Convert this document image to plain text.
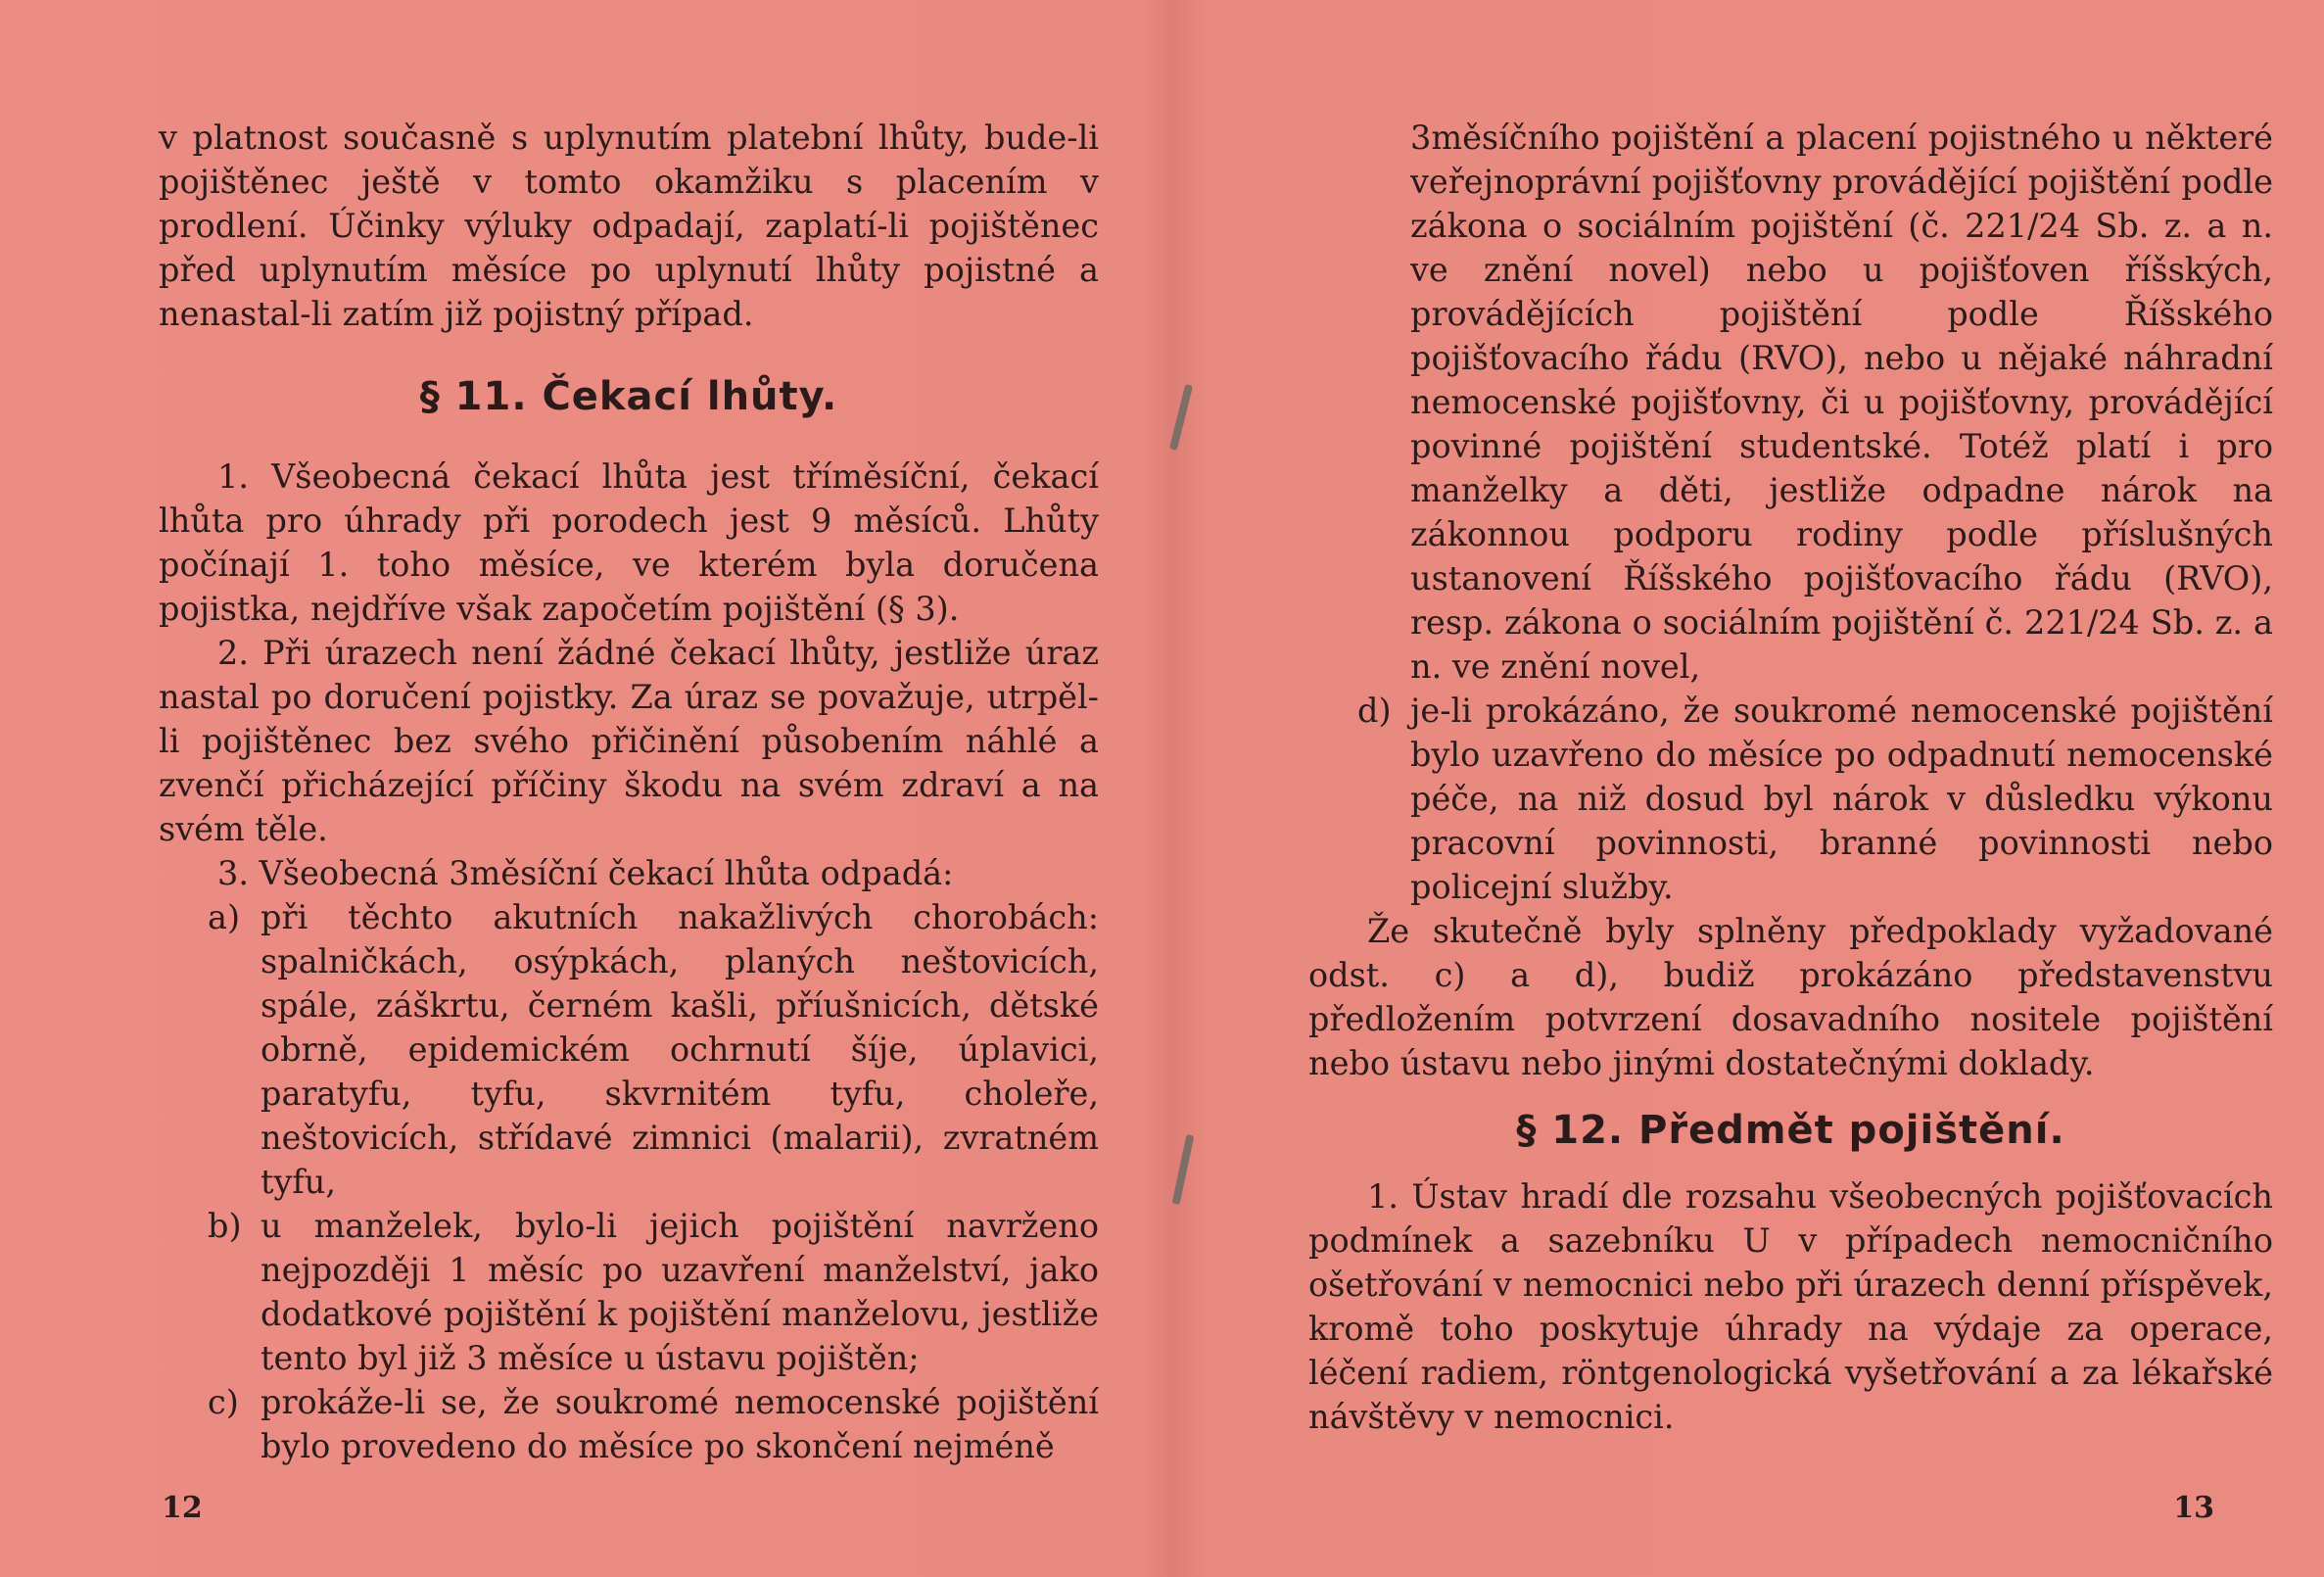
v platnost současně s uplynutím platební lhůty, bude-li pojištěnec ještě v tomto okamžiku s placením v prodlení. Účinky výluky odpadají, zaplatí-li pojištěnec před uplynutím měsíce po uplynutí lhůty pojistné a nenastal-li zatím již pojistný případ.

§ 11. Čekací lhůty.

1. Všeobecná čekací lhůta jest tříměsíční, čekací lhůta pro úhrady při porodech jest 9 měsíců. Lhůty počínají 1. toho měsíce, ve kterém byla doručena pojistka, nejdříve však započetím pojištění (§ 3).

2. Při úrazech není žádné čekací lhůty, jestliže úraz nastal po doručení pojistky. Za úraz se považuje, utrpěl-li pojištěnec bez svého přičinění působením náhlé a zvenčí přicházející příčiny škodu na svém zdraví a na svém těle.

3. Všeobecná 3měsíční čekací lhůta odpadá:

a) při těchto akutních nakažlivých chorobách: spalničkách, osýpkách, planých neštovicích, spále, záškrtu, černém kašli, příušnicích, dětské obrně, epidemickém ochrnutí šíje, úplavici, paratyfu, tyfu, skvrnitém tyfu, choleře, neštovicích, střídavé zimnici (malarii), zvratném tyfu,
b) u manželek, bylo-li jejich pojištění navrženo nejpozději 1 měsíc po uzavření manželství, jako dodatkové pojištění k pojištění manželovu, jestliže tento byl již 3 měsíce u ústavu pojištěn;
c) prokáže-li se, že soukromé nemocenské pojištění bylo provedeno do měsíce po skončení nejméně
12
3měsíčního pojištění a placení pojistného u některé veřejnoprávní pojišťovny provádějící pojištění podle zákona o sociálním pojištění (č. 221/24 Sb. z. a n. ve znění novel) nebo u pojišťoven říšských, provádějících pojištění podle Říšského pojišťovacího řádu (RVO), nebo u nějaké náhradní nemocenské pojišťovny, či u pojišťovny, provádějící povinné pojištění studentské. Totéž platí i pro manželky a děti, jestliže odpadne nárok na zákonnou podporu rodiny podle příslušných ustanovení Říšského pojišťovacího řádu (RVO), resp. zákona o sociálním pojištění č. 221/24 Sb. z. a n. ve znění novel,
d) je-li prokázáno, že soukromé nemocenské pojištění bylo uzavřeno do měsíce po odpadnutí nemocenské péče, na niž dosud byl nárok v důsledku výkonu pracovní povinnosti, branné povinnosti nebo policejní služby.

Že skutečně byly splněny předpoklady vyžadované odst. c) a d), budiž prokázáno představenstvu předložením potvrzení dosavadního nositele pojištění nebo ústavu nebo jinými dostatečnými doklady.

§ 12. Předmět pojištění.

1. Ústav hradí dle rozsahu všeobecných pojišťovacích podmínek a sazebníku U v případech nemocničního ošetřování v nemocnici nebo při úrazech denní příspěvek, kromě toho poskytuje úhrady na výdaje za operace, léčení radiem, röntgenologická vyšetřování a za lékařské návštěvy v nemocnici.

13
